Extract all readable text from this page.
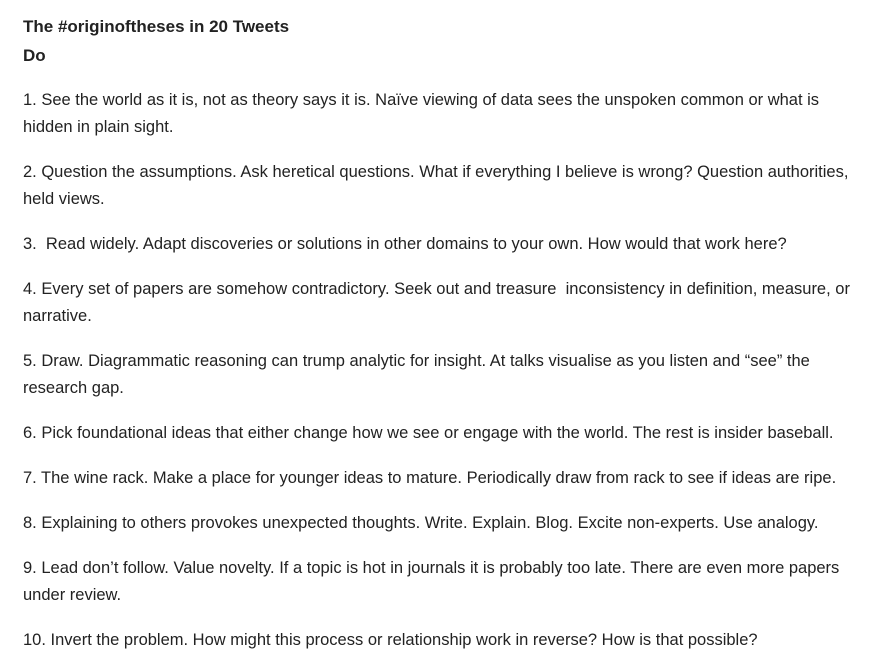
The #originoftheses in 20 Tweets
Do

1. See the world as it is, not as theory says it is. Naïve viewing of data sees the unspoken common or what is hidden in plain sight.

2. Question the assumptions. Ask heretical questions. What if everything I believe is wrong? Question authorities, held views.

3.  Read widely. Adapt discoveries or solutions in other domains to your own. How would that work here?

4. Every set of papers are somehow contradictory. Seek out and treasure  inconsistency in definition, measure, or narrative.

5. Draw. Diagrammatic reasoning can trump analytic for insight. At talks visualise as you listen and “see” the research gap.

6. Pick foundational ideas that either change how we see or engage with the world. The rest is insider baseball.

7. The wine rack. Make a place for younger ideas to mature. Periodically draw from rack to see if ideas are ripe.

8. Explaining to others provokes unexpected thoughts. Write. Explain. Blog. Excite non-experts. Use analogy.

9. Lead don’t follow. Value novelty. If a topic is hot in journals it is probably too late. There are even more papers under review.

10. Invert the problem. How might this process or relationship work in reverse? How is that possible?
